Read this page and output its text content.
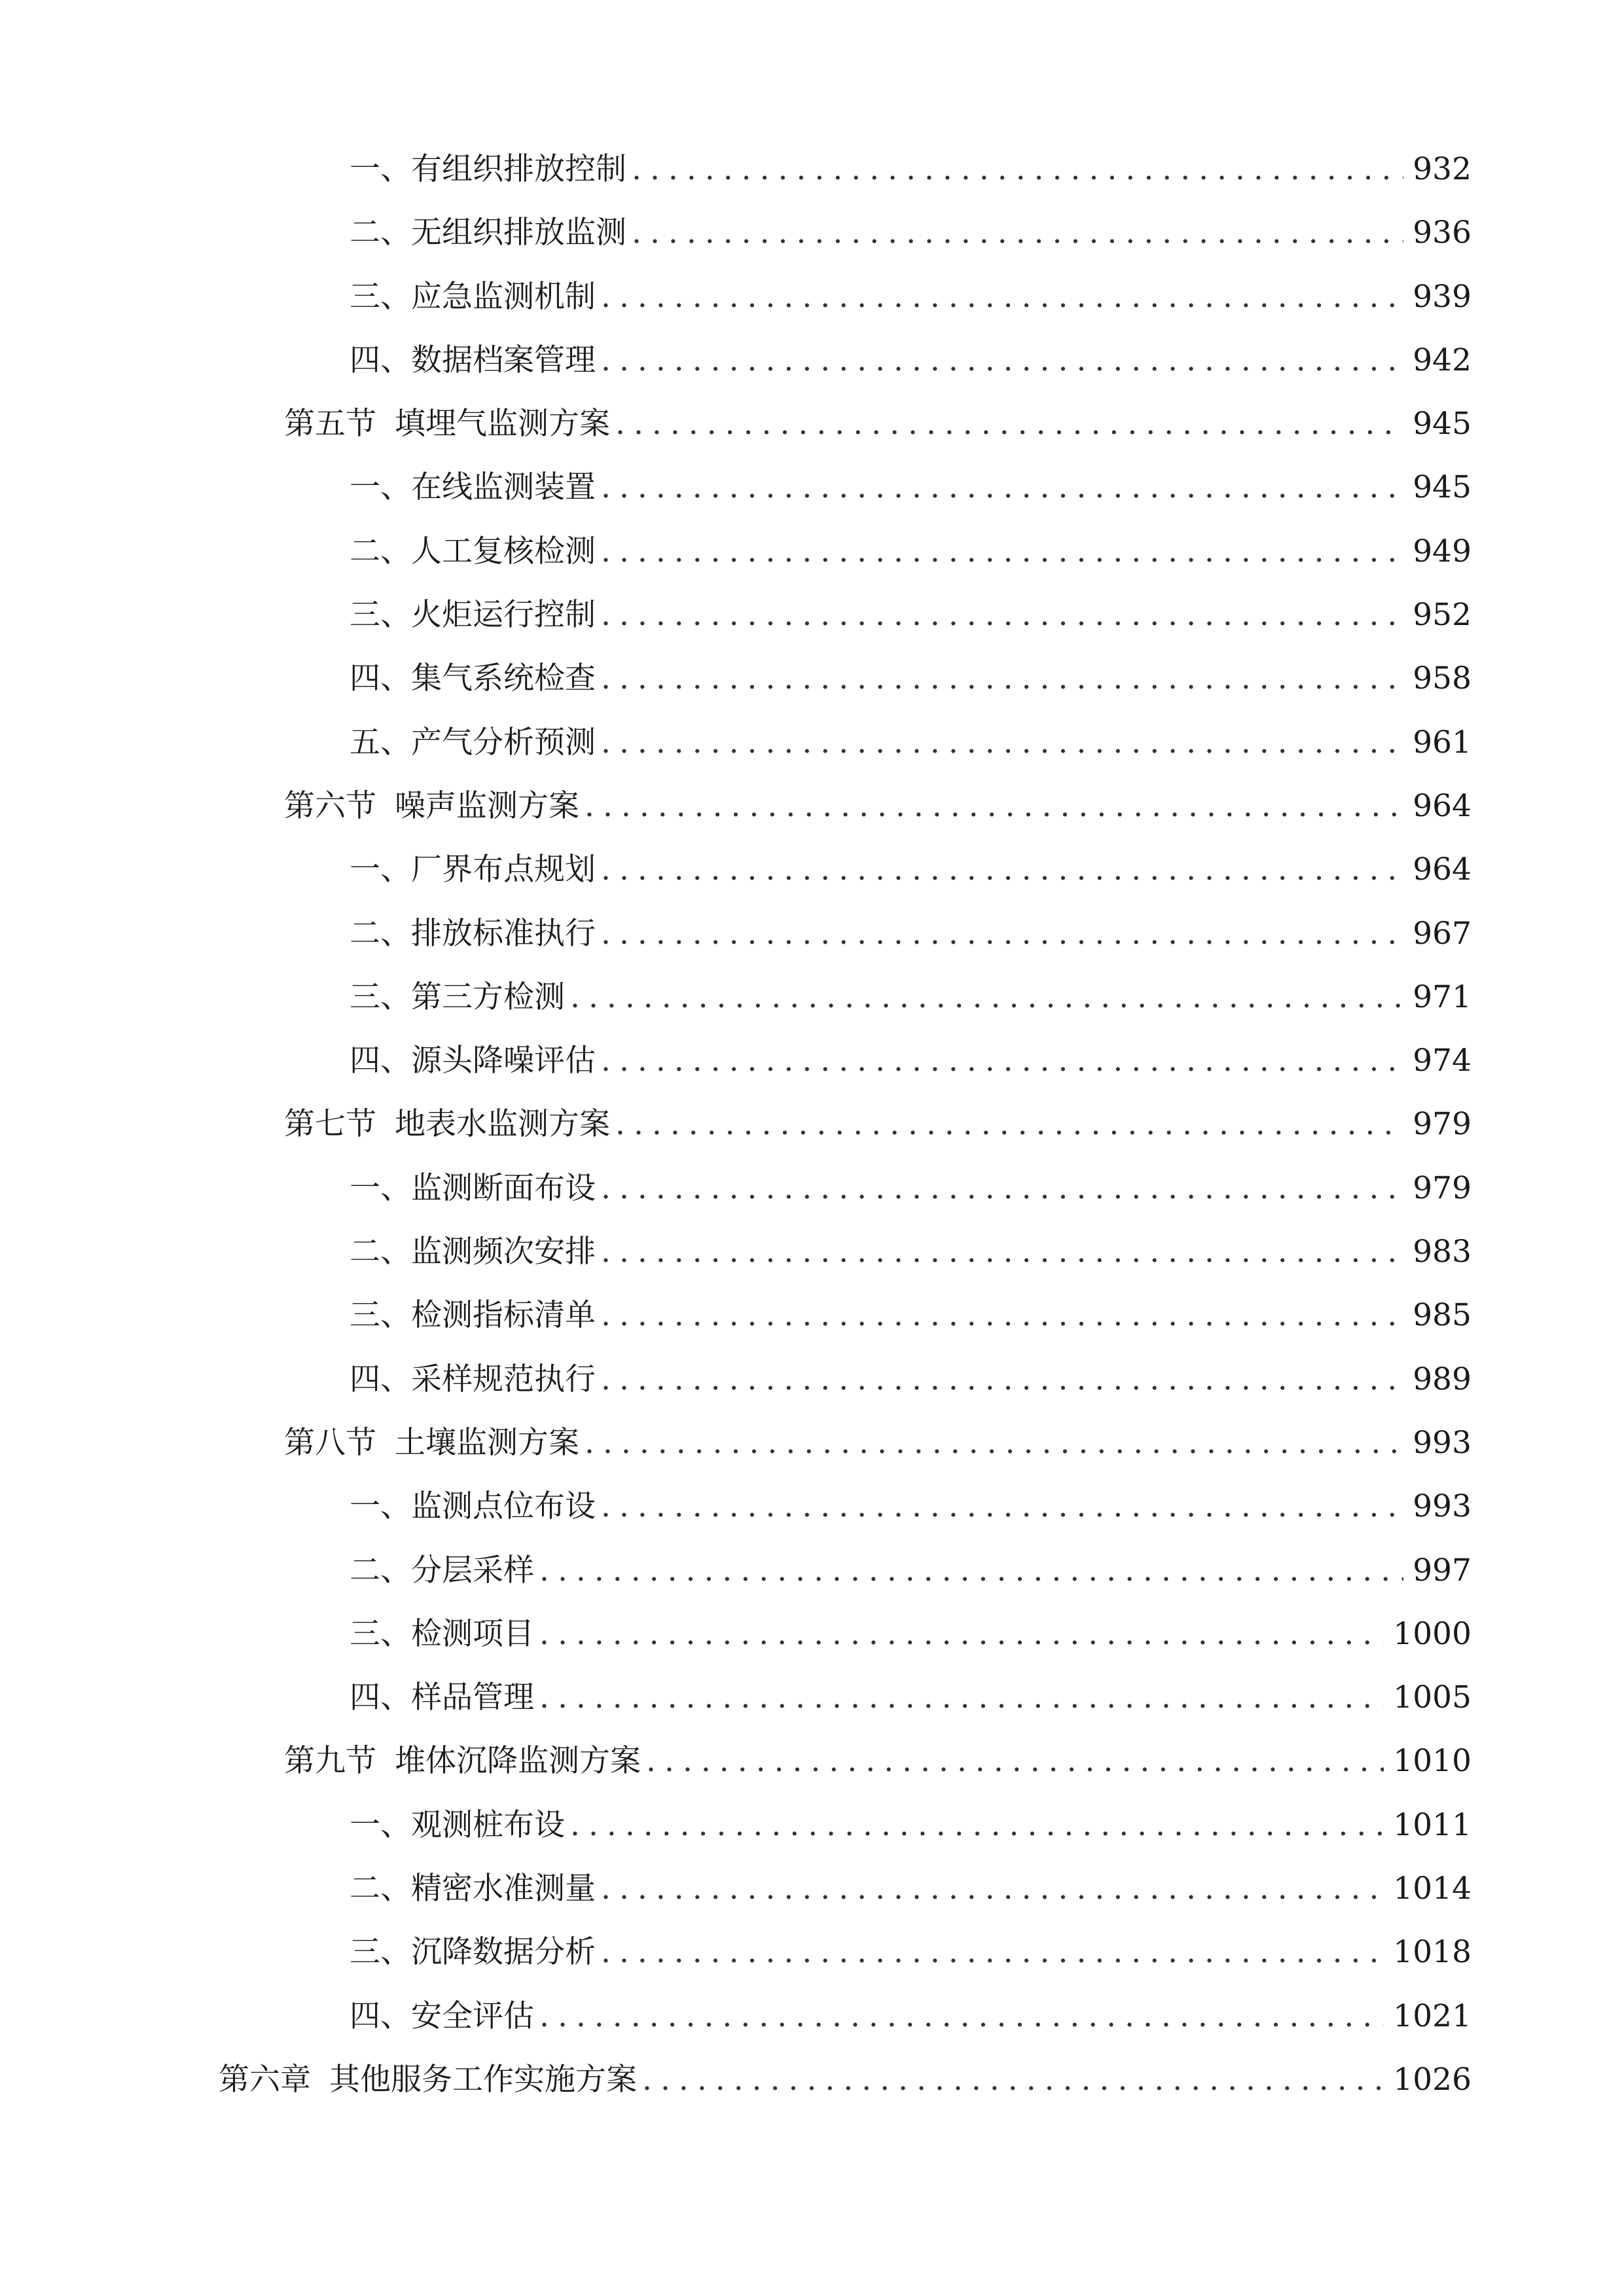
一、 有组织排放控制 .....	932
二、 无组织排放监测 .....	936
三、 应急监测机制 .....	939
四、 数据档案管理 .....	942
第五节 填埋气监测方案 .....	945
一、 在线监测装置 .....	945
二、 人工复核检测 .....	949
三、 火炬运行控制 .....	952
四、 集气系统检查 .....	958
五、 产气分析预测 .....	961
第六节 噪声监测方案 .....	964
一、 厂界布点规划 .....	964
二、 排放标准执行 .....	967
三、 第三方检测 .....	971
四、 源头降噪评估 .....	974
第七节 地表水监测方案 .....	979
一、 监测断面布设 .....	979
二、 监测频次安排 .....	983
三、 检测指标清单 .....	985
四、 采样规范执行 .....	989
第八节 土壤监测方案 .....	993
一、 监测点位布设 .....	993
二、 分层采样 .....	997
三、 检测项目 .....	1000
四、 样品管理 .....	1005
第九节 堆体沉降监测方案 .....	1010
一、 观测桩布设 .....	1011
二、 精密水准测量 .....	1014
三、 沉降数据分析 .....	1018
四、 安全评估 .....	1021
第六章 其他服务工作实施方案 .....	1026
